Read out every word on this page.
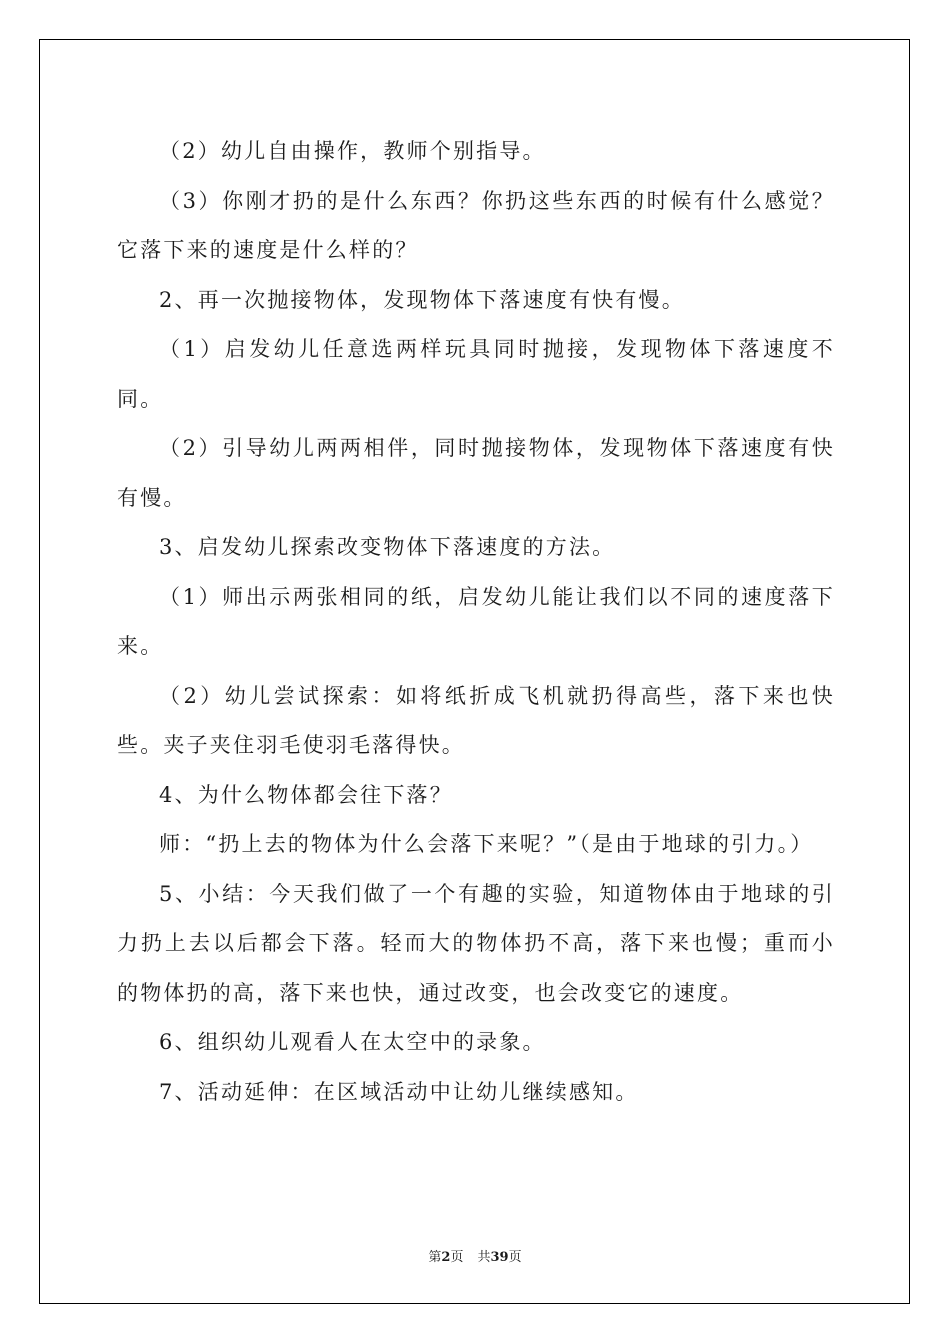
（2）幼儿自由操作，教师个别指导。

（3）你刚才扔的是什么东西？你扔这些东西的时候有什么感觉？它落下来的速度是什么样的？

2、再一次抛接物体，发现物体下落速度有快有慢。

（1）启发幼儿任意选两样玩具同时抛接，发现物体下落速度不同。

（2）引导幼儿两两相伴，同时抛接物体，发现物体下落速度有快有慢。

3、启发幼儿探索改变物体下落速度的方法。

（1）师出示两张相同的纸，启发幼儿能让我们以不同的速度落下来。

（2）幼儿尝试探索：如将纸折成飞机就扔得高些，落下来也快些。夹子夹住羽毛使羽毛落得快。

4、为什么物体都会往下落？

师：“扔上去的物体为什么会落下来呢？”（是由于地球的引力。）

5、小结：今天我们做了一个有趣的实验，知道物体由于地球的引力扔上去以后都会下落。轻而大的物体扔不高，落下来也慢；重而小的物体扔的高，落下来也快，通过改变，也会改变它的速度。

6、组织幼儿观看人在太空中的录象。

7、活动延伸：在区域活动中让幼儿继续感知。

第2页 共39页
